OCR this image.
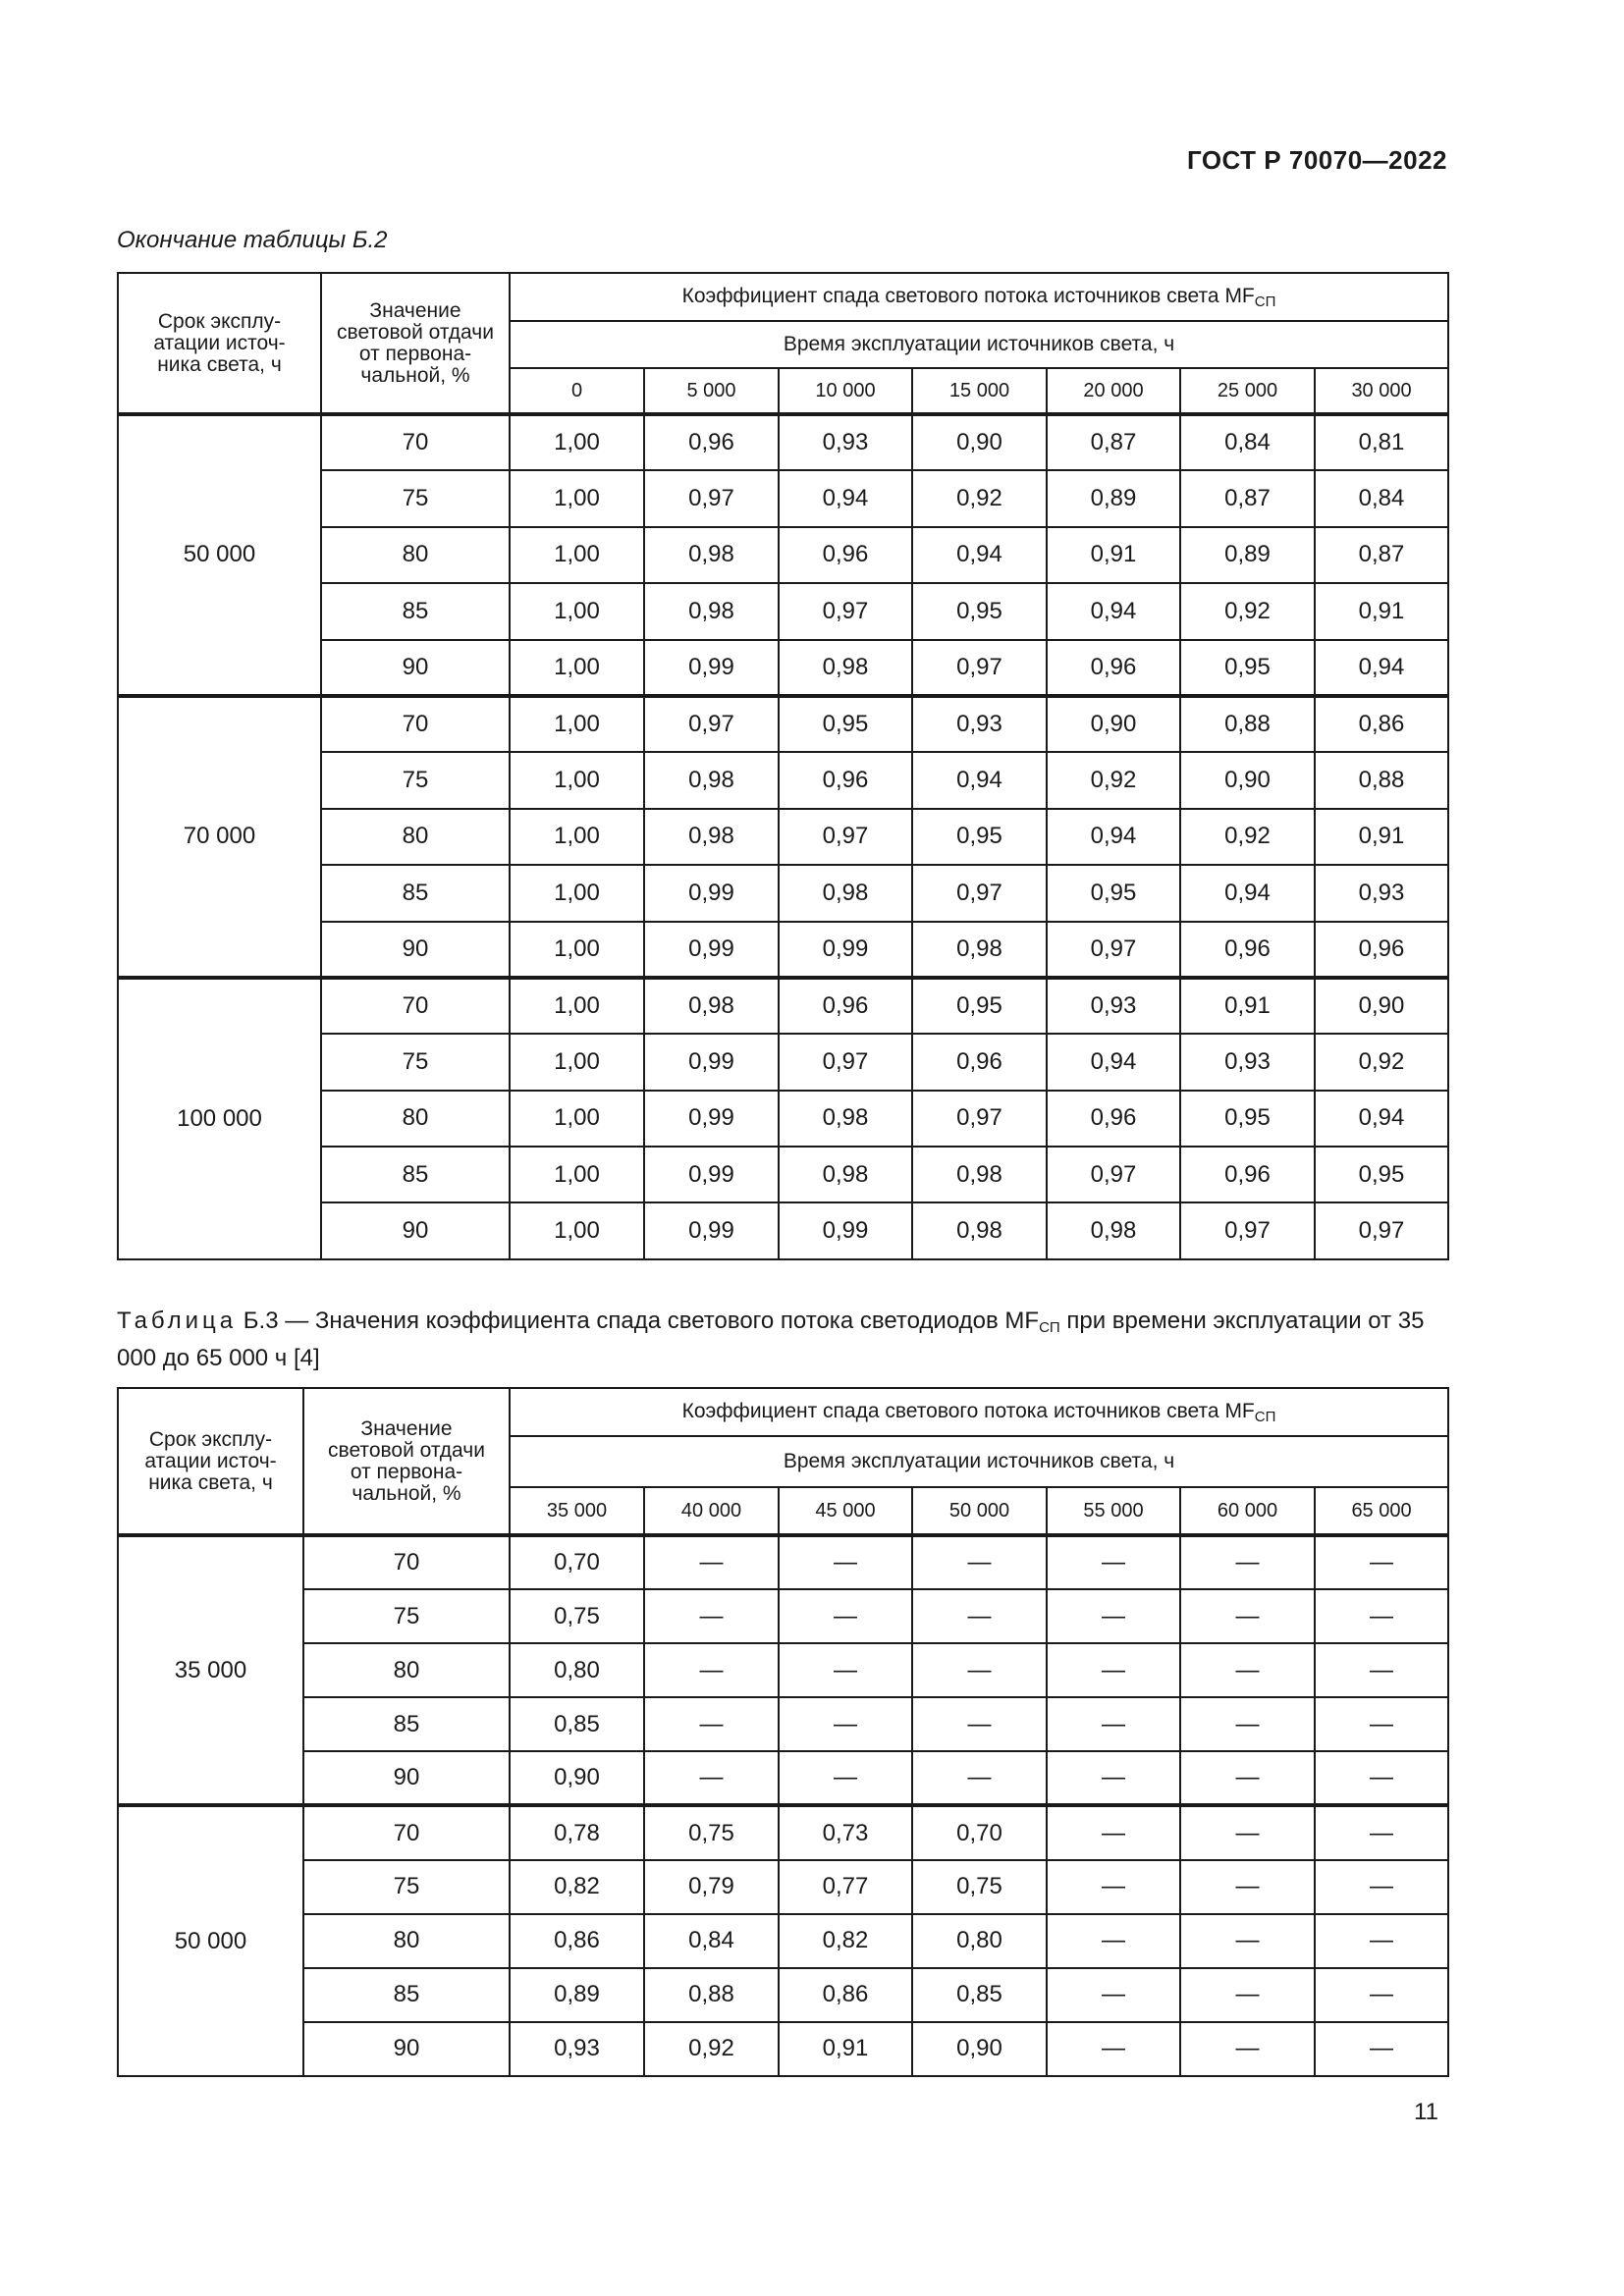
ГОСТ Р 70070—2022
Окончание таблицы Б.2
Срок эксплу-
атации источ-
ника света, ч	Значение
световой отдачи
от первона-
чальной, %	Коэффициент спада светового потока источников света $MF_{СП}$
		Время эксплуатации источников света, ч						
		0	5 000	10 000	15 000	20 000	25 000	30 000
50 000	70	1,00	0,96	0,93	0,90	0,87	0,84	0,81
	75	1,00	0,97	0,94	0,92	0,89	0,87	0,84
	80	1,00	0,98	0,96	0,94	0,91	0,89	0,87
	85	1,00	0,98	0,97	0,95	0,94	0,92	0,91
	90	1,00	0,99	0,98	0,97	0,96	0,95	0,94
70 000	70	1,00	0,97	0,95	0,93	0,90	0,88	0,86
	75	1,00	0,98	0,96	0,94	0,92	0,90	0,88
	80	1,00	0,98	0,97	0,95	0,94	0,92	0,91
	85	1,00	0,99	0,98	0,97	0,95	0,94	0,93
	90	1,00	0,99	0,99	0,98	0,97	0,96	0,96
100 000	70	1,00	0,98	0,96	0,95	0,93	0,91	0,90
	75	1,00	0,99	0,97	0,96	0,94	0,93	0,92
	80	1,00	0,99	0,98	0,97	0,96	0,95	0,94
	85	1,00	0,99	0,98	0,98	0,97	0,96	0,95
	90	1,00	0,99	0,99	0,98	0,98	0,97	0,97
Таблица Б.3 — Значения коэффициента спада светового потока светодиодов $MF_{СП}$ при времени эксплуатации от 35 000 до 65 000 ч [4]
Срок эксплу-
атации источ-
ника света, ч	Значение
световой отдачи
от первона-
чальной, %	Коэффициент спада светового потока источников света $MF_{СП}$
		Время эксплуатации источников света, ч						
		35 000	40 000	45 000	50 000	55 000	60 000	65 000
35 000	70	0,70	—	—	—	—	—	—
	75	0,75	—	—	—	—	—	—
	80	0,80	—	—	—	—	—	—
	85	0,85	—	—	—	—	—	—
	90	0,90	—	—	—	—	—	—
50 000	70	0,78	0,75	0,73	0,70	—	—	—
	75	0,82	0,79	0,77	0,75	—	—	—
	80	0,86	0,84	0,82	0,80	—	—	—
	85	0,89	0,88	0,86	0,85	—	—	—
	90	0,93	0,92	0,91	0,90	—	—	—
11
